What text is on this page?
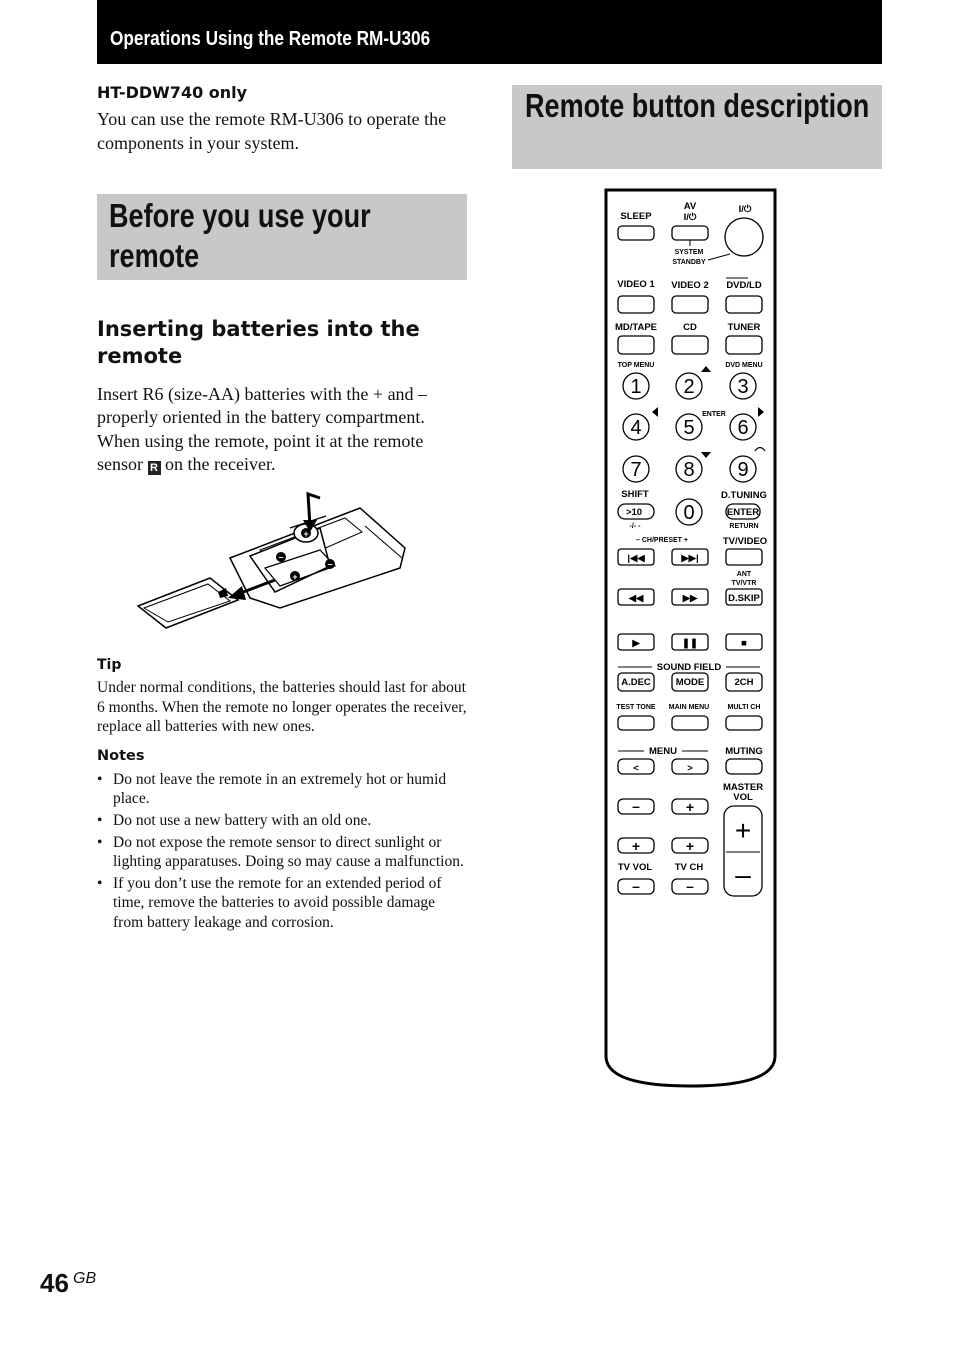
Operations Using the Remote RM-U306
HT-DDW740 only
You can use the remote RM-U306 to operate the components in your system.
Before you use your remote
Inserting batteries into the remote
Insert R6 (size-AA) batteries with the + and – properly oriented in the battery compartment. When using the remote, point it at the remote sensor R on the receiver.
+
–
–
+
Tip
Under normal conditions, the batteries should last for about 6 months. When the remote no longer operates the receiver, replace all batteries with new ones.
Notes
• Do not leave the remote in an extremely hot or humid place.
• Do not use a new battery with an old one.
• Do not expose the remote sensor to direct sunlight or lighting apparatuses. Doing so may cause a malfunction.
• If you don’t use the remote for an extended period of time, remove the batteries to avoid possible damage from battery leakage and corrosion.
Remote button description
SLEEP
AV
I/⏻
SYSTEM
STANDBY
I/⏻
VIDEO 1 VIDEO 2 DVD/LD
MD/TAPE	CD	TUNER
TOP MENU	DVD MENU
1 2 3
ENTER
4 5 6
7 8 9
SHIFT	D.TUNING
>10
-/- -
0	ENTER
RETURN
– CH/PRESET +	TV/VIDEO
|◀◀	▶▶|
ANT
TV/VTR
◀◀	▶▶	D.SKIP
▶	❚❚	■
SOUND FIELD
A.DEC	MODE	2CH
TEST TONE MAIN MENU	MULTI CH
MENU	MUTING
<	>
MASTER
VOL
–	+
+
–
+	+
TV VOL TV CH
–	–
46 GB
